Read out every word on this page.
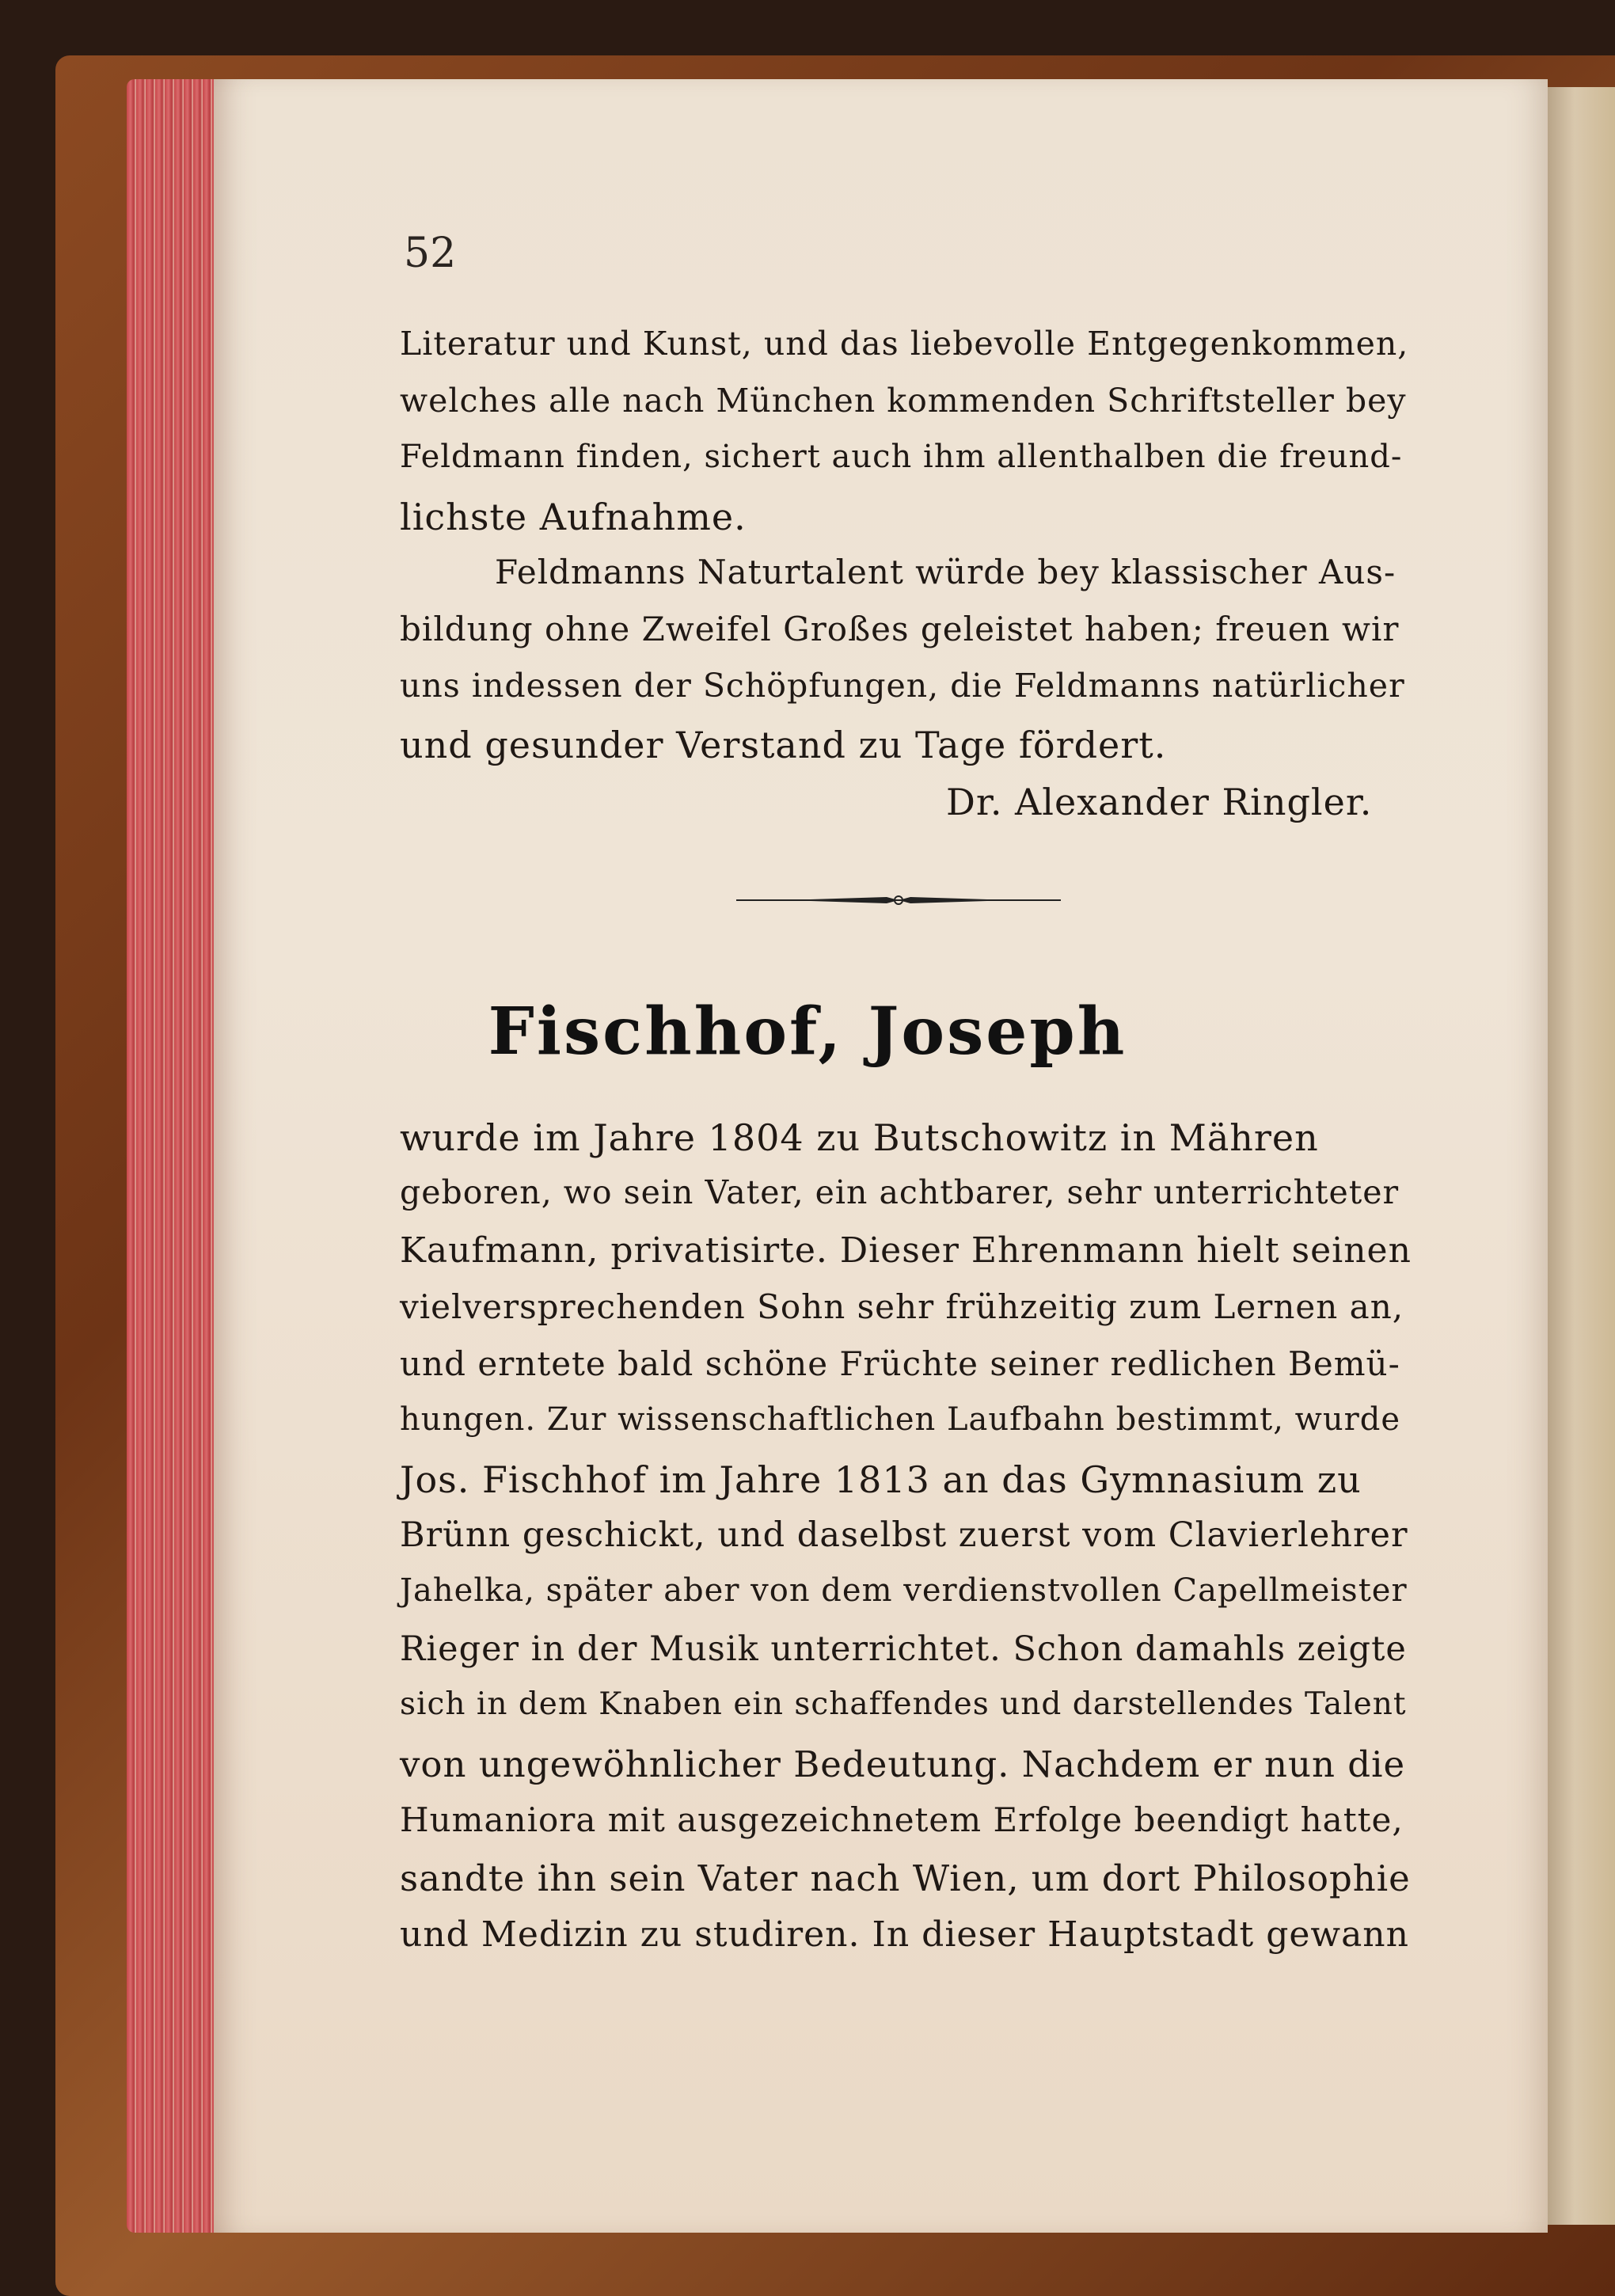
52
Literatur und Kunst, und das liebevolle Entgegenkommen,
welches alle nach München kommenden Schriftsteller bey
Feldmann finden, sichert auch ihm allenthalben die freund-
lichste Aufnahme.
Feldmanns Naturtalent würde bey klassischer Aus-
bildung ohne Zweifel Großes geleistet haben; freuen wir
uns indessen der Schöpfungen, die Feldmanns natürlicher
und gesunder Verstand zu Tage fördert.
Dr. Alexander Ringler.
Fischhof, Joseph
wurde im Jahre 1804 zu Butschowitz in Mähren
geboren, wo sein Vater, ein achtbarer, sehr unterrichteter
Kaufmann, privatisirte. Dieser Ehrenmann hielt seinen
vielversprechenden Sohn sehr frühzeitig zum Lernen an,
und erntete bald schöne Früchte seiner redlichen Bemü-
hungen. Zur wissenschaftlichen Laufbahn bestimmt, wurde
Jos. Fischhof im Jahre 1813 an das Gymnasium zu
Brünn geschickt, und daselbst zuerst vom Clavierlehrer
Jahelka, später aber von dem verdienstvollen Capellmeister
Rieger in der Musik unterrichtet. Schon damahls zeigte
sich in dem Knaben ein schaffendes und darstellendes Talent
von ungewöhnlicher Bedeutung. Nachdem er nun die
Humaniora mit ausgezeichnetem Erfolge beendigt hatte,
sandte ihn sein Vater nach Wien, um dort Philosophie
und Medizin zu studiren. In dieser Hauptstadt gewann
